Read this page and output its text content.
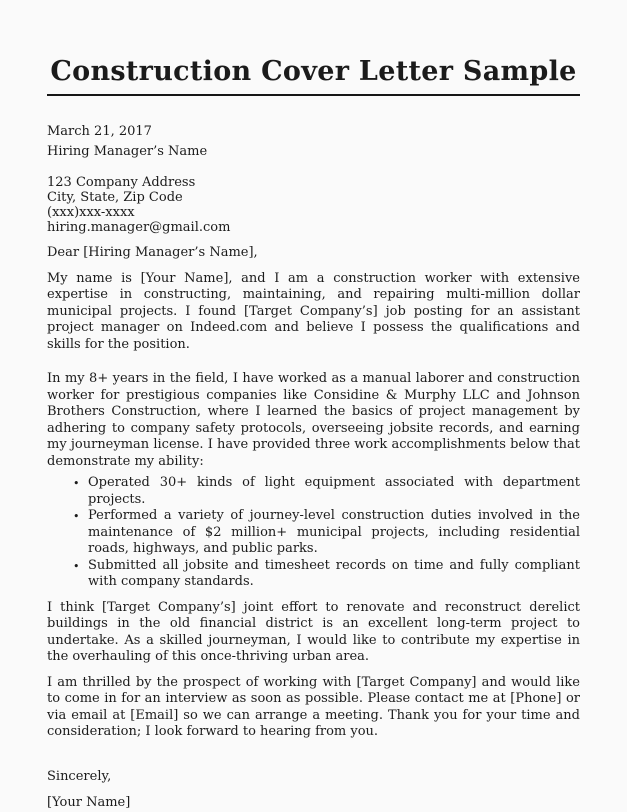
Construction Cover Letter Sample
March 21, 2017
Hiring Manager’s Name
123 Company Address
City, State, Zip Code
(xxx)xxx-xxxx
hiring.manager@gmail.com
Dear [Hiring Manager’s Name],

My name is [Your Name], and I am a construction worker with extensive expertise in constructing, maintaining, and repairing multi-million dollar municipal projects. I found [Target Company’s] job posting for an assistant project manager on Indeed.com and believe I possess the qualifications and skills for the position.

In my 8+ years in the field, I have worked as a manual laborer and construction worker for prestigious companies like Considine & Murphy LLC and Johnson Brothers Construction, where I learned the basics of project management by adhering to company safety protocols, overseeing jobsite records, and earning my journeyman license. I have provided three work accomplishments below that demonstrate my ability:

• Operated 30+ kinds of light equipment associated with department projects.
• Performed a variety of journey-level construction duties involved in the maintenance of $2 million+ municipal projects, including residential roads, highways, and public parks.
• Submitted all jobsite and timesheet records on time and fully compliant with company standards.

I think [Target Company’s] joint effort to renovate and reconstruct derelict buildings in the old financial district is an excellent long-term project to undertake. As a skilled journeyman, I would like to contribute my expertise in the overhauling of this once-thriving urban area.

I am thrilled by the prospect of working with [Target Company] and would like to come in for an interview as soon as possible. Please contact me at [Phone] or via email at [Email] so we can arrange a meeting. Thank you for your time and consideration; I look forward to hearing from you.

Sincerely,
[Your Name]
